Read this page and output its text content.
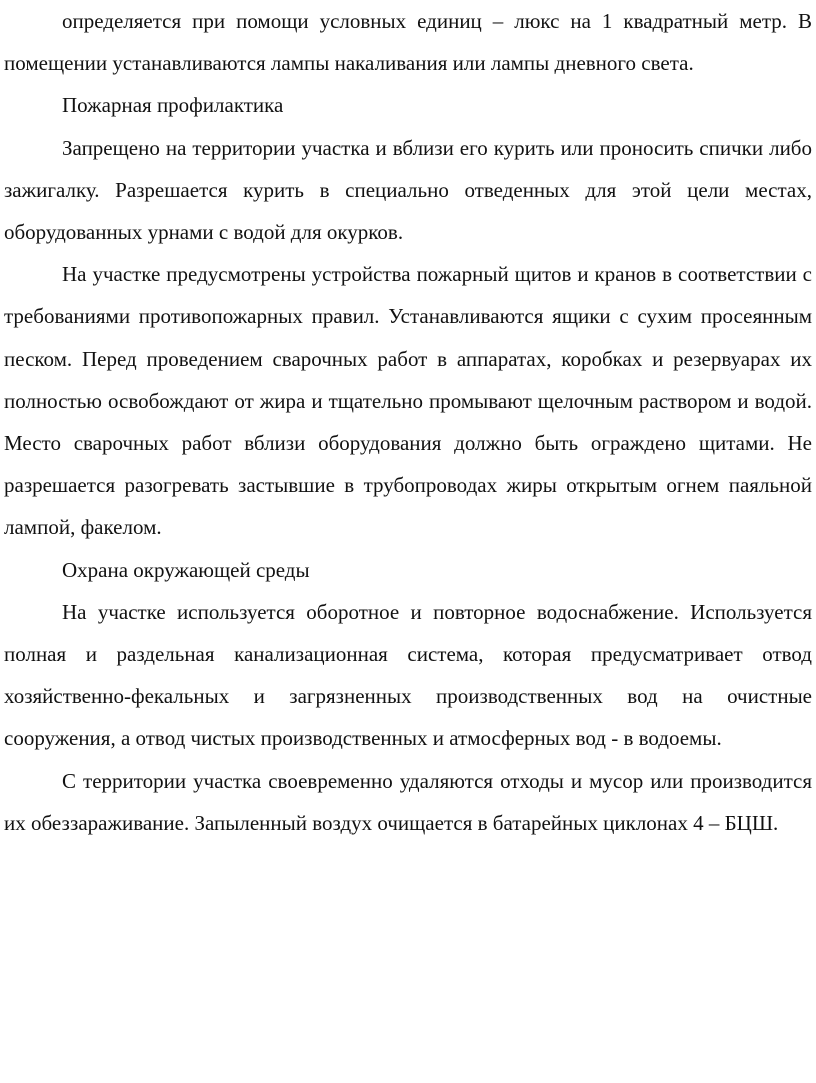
определяется при помощи условных единиц – люкс на 1 квадратный метр. В помещении устанавливаются лампы накаливания или лампы дневного света.

Пожарная профилактика

Запрещено на территории участка и вблизи его курить или проносить спички либо зажигалку. Разрешается курить в специально отведенных для этой цели местах, оборудованных урнами с водой для окурков.

На участке предусмотрены устройства пожарный щитов и кранов в соответствии с требованиями противопожарных правил. Устанавливаются ящики с сухим просеянным песком. Перед проведением сварочных работ в аппаратах, коробках и резервуарах их полностью освобождают от жира и тщательно промывают щелочным раствором и водой. Место сварочных работ вблизи оборудования должно быть ограждено щитами. Не разрешается разогревать застывшие в трубопроводах жиры открытым огнем паяльной лампой, факелом.

Охрана окружающей среды

На участке используется оборотное и повторное водоснабжение. Используется полная и раздельная канализационная система, которая предусматривает отвод хозяйственно-фекальных и загрязненных производственных вод на очистные сооружения, а отвод чистых производственных и атмосферных вод - в водоемы.

С территории участка своевременно удаляются отходы и мусор или производится их обеззараживание. Запыленный воздух очищается в батарейных циклонах 4 – БЦШ.
